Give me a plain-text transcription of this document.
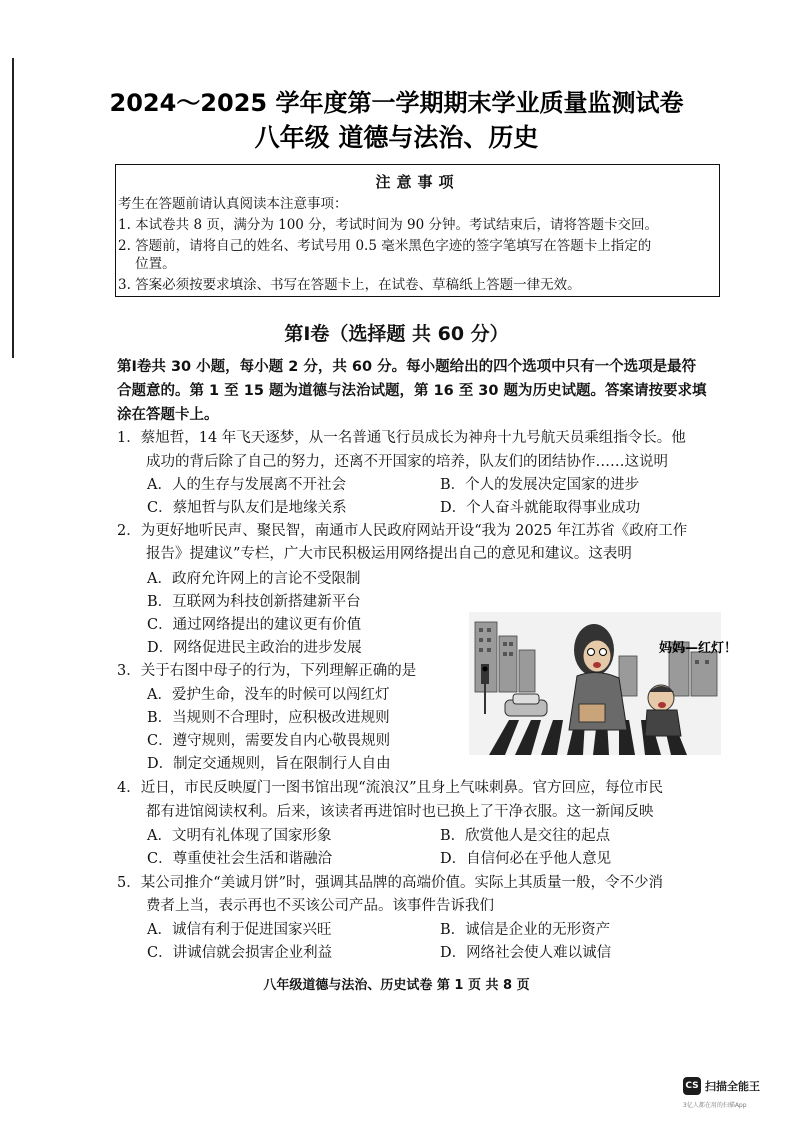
2024～2025 学年度第一学期期末学业质量监测试卷
八年级 道德与法治、历史
注意事项
考生在答题前请认真阅读本注意事项：
1. 本试卷共 8 页，满分为 100 分，考试时间为 90 分钟。考试结束后，请将答题卡交回。
2. 答题前，请将自己的姓名、考试号用 0.5 毫米黑色字迹的签字笔填写在答题卡上指定的
位置。
3. 答案必须按要求填涂、书写在答题卡上，在试卷、草稿纸上答题一律无效。
第Ⅰ卷（选择题 共 60 分）
第Ⅰ卷共 30 小题，每小题 2 分，共 60 分。每小题给出的四个选项中只有一个选项是最符
合题意的。第 1 至 15 题为道德与法治试题，第 16 至 30 题为历史试题。答案请按要求填
涂在答题卡上。
1．蔡旭哲，14 年飞天逐梦，从一名普通飞行员成长为神舟十九号航天员乘组指令长。他
成功的背后除了自己的努力，还离不开国家的培养，队友们的团结协作……这说明
A．人的生存与发展离不开社会	B．个人的发展决定国家的进步
C．蔡旭哲与队友们是地缘关系	D．个人奋斗就能取得事业成功
2．为更好地听民声、聚民智，南通市人民政府网站开设“我为 2025 年江苏省《政府工作
报告》提建议”专栏，广大市民积极运用网络提出自己的意见和建议。这表明
A．政府允许网上的言论不受限制
B．互联网为科技创新搭建新平台
C．通过网络提出的建议更有价值
D．网络促进民主政治的进步发展
3．关于右图中母子的行为，下列理解正确的是
A．爱护生命，没车的时候可以闯红灯
B．当规则不合理时，应积极改进规则
C．遵守规则，需要发自内心敬畏规则
D．制定交通规则，旨在限制行人自由
妈妈—红灯！
4．近日，市民反映厦门一图书馆出现“流浪汉”且身上气味刺鼻。官方回应，每位市民
都有进馆阅读权利。后来，该读者再进馆时也已换上了干净衣服。这一新闻反映
A．文明有礼体现了国家形象	B．欣赏他人是交往的起点
C．尊重使社会生活和谐融洽	D．自信何必在乎他人意见
5．某公司推介“美诚月饼”时，强调其品牌的高端价值。实际上其质量一般，令不少消
费者上当，表示再也不买该公司产品。该事件告诉我们
A．诚信有利于促进国家兴旺	B．诚信是企业的无形资产
C．讲诚信就会损害企业利益	D．网络社会使人难以诚信
八年级道德与法治、历史试卷 第 1 页 共 8 页
CS 扫描全能王
3亿人都在用的扫描App
